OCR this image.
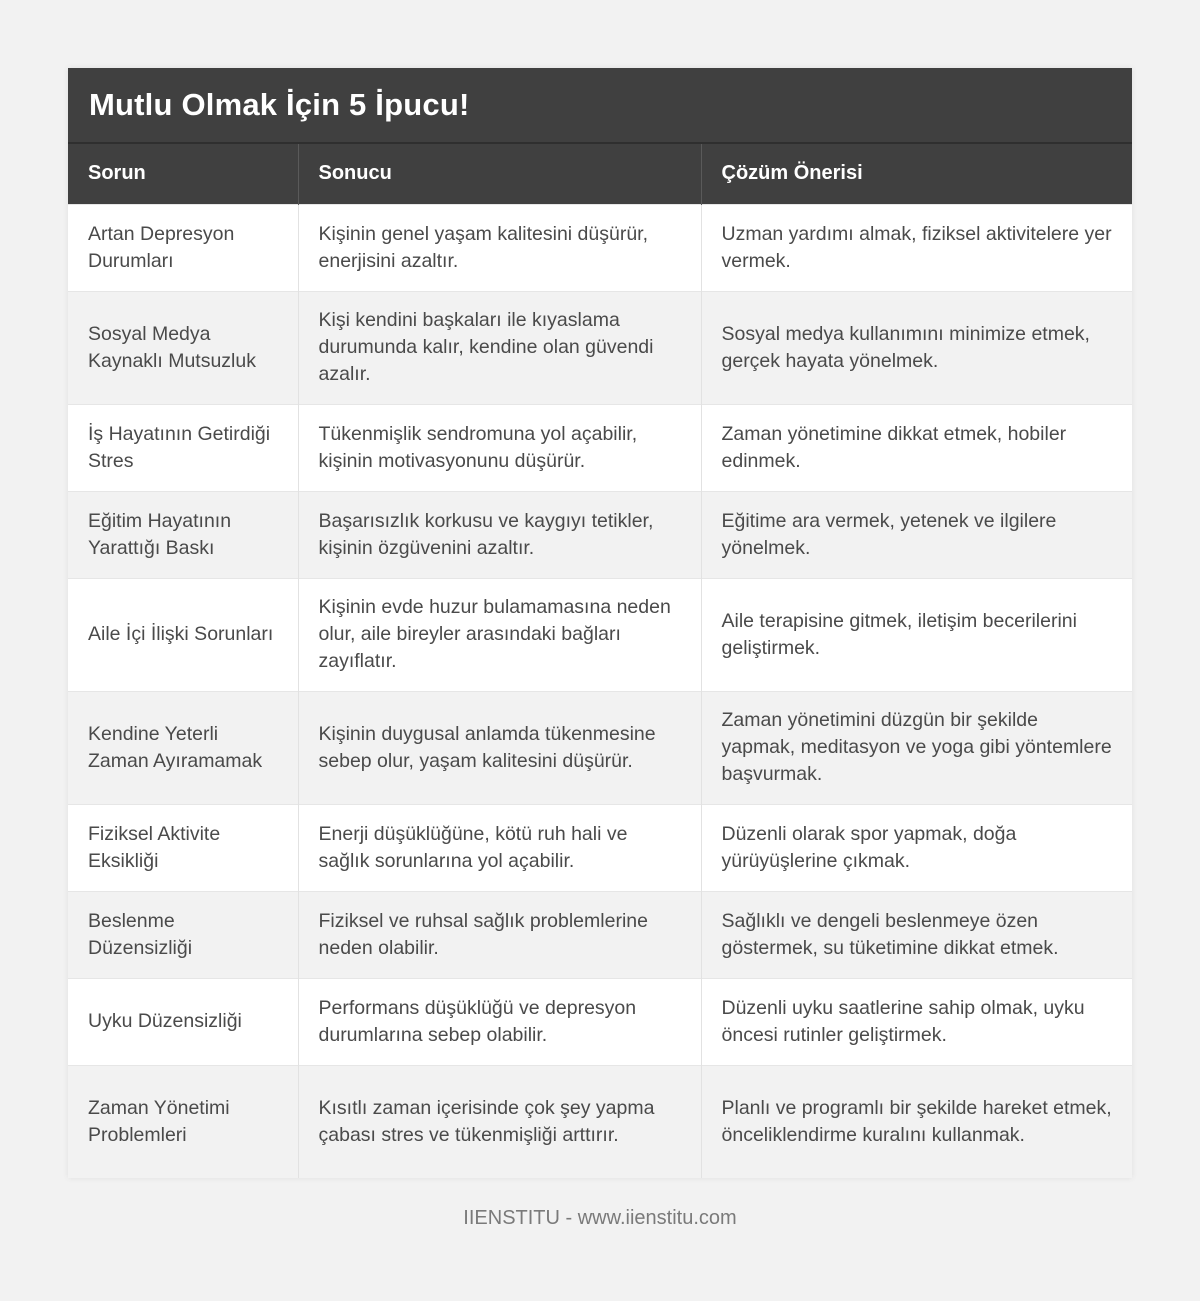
Mutlu Olmak İçin 5 İpucu!
Sorun	Sonucu	Çözüm Önerisi
Artan Depresyon Durumları	Kişinin genel yaşam kalitesini düşürür, enerjisini azaltır.	Uzman yardımı almak, fiziksel aktivitelere yer vermek.
Sosyal Medya Kaynaklı Mutsuzluk	Kişi kendini başkaları ile kıyaslama durumunda kalır, kendine olan güvendi azalır.	Sosyal medya kullanımını minimize etmek, gerçek hayata yönelmek.
İş Hayatının Getirdiği Stres	Tükenmişlik sendromuna yol açabilir, kişinin motivasyonunu düşürür.	Zaman yönetimine dikkat etmek, hobiler edinmek.
Eğitim Hayatının Yarattığı Baskı	Başarısızlık korkusu ve kaygıyı tetikler, kişinin özgüvenini azaltır.	Eğitime ara vermek, yetenek ve ilgilere yönelmek.
Aile İçi İlişki Sorunları	Kişinin evde huzur bulamamasına neden olur, aile bireyler arasındaki bağları zayıflatır.	Aile terapisine gitmek, iletişim becerilerini geliştirmek.
Kendine Yeterli Zaman Ayıramamak	Kişinin duygusal anlamda tükenmesine sebep olur, yaşam kalitesini düşürür.	Zaman yönetimini düzgün bir şekilde yapmak, meditasyon ve yoga gibi yöntemlere başvurmak.
Fiziksel Aktivite Eksikliği	Enerji düşüklüğüne, kötü ruh hali ve sağlık sorunlarına yol açabilir.	Düzenli olarak spor yapmak, doğa yürüyüşlerine çıkmak.
Beslenme Düzensizliği	Fiziksel ve ruhsal sağlık problemlerine neden olabilir.	Sağlıklı ve dengeli beslenmeye özen göstermek, su tüketimine dikkat etmek.
Uyku Düzensizliği	Performans düşüklüğü ve depresyon durumlarına sebep olabilir.	Düzenli uyku saatlerine sahip olmak, uyku öncesi rutinler geliştirmek.
Zaman Yönetimi Problemleri	Kısıtlı zaman içerisinde çok şey yapma çabası stres ve tükenmişliği arttırır.	Planlı ve programlı bir şekilde hareket etmek, önceliklendirme kuralını kullanmak.
IIENSTITU - www.iienstitu.com
